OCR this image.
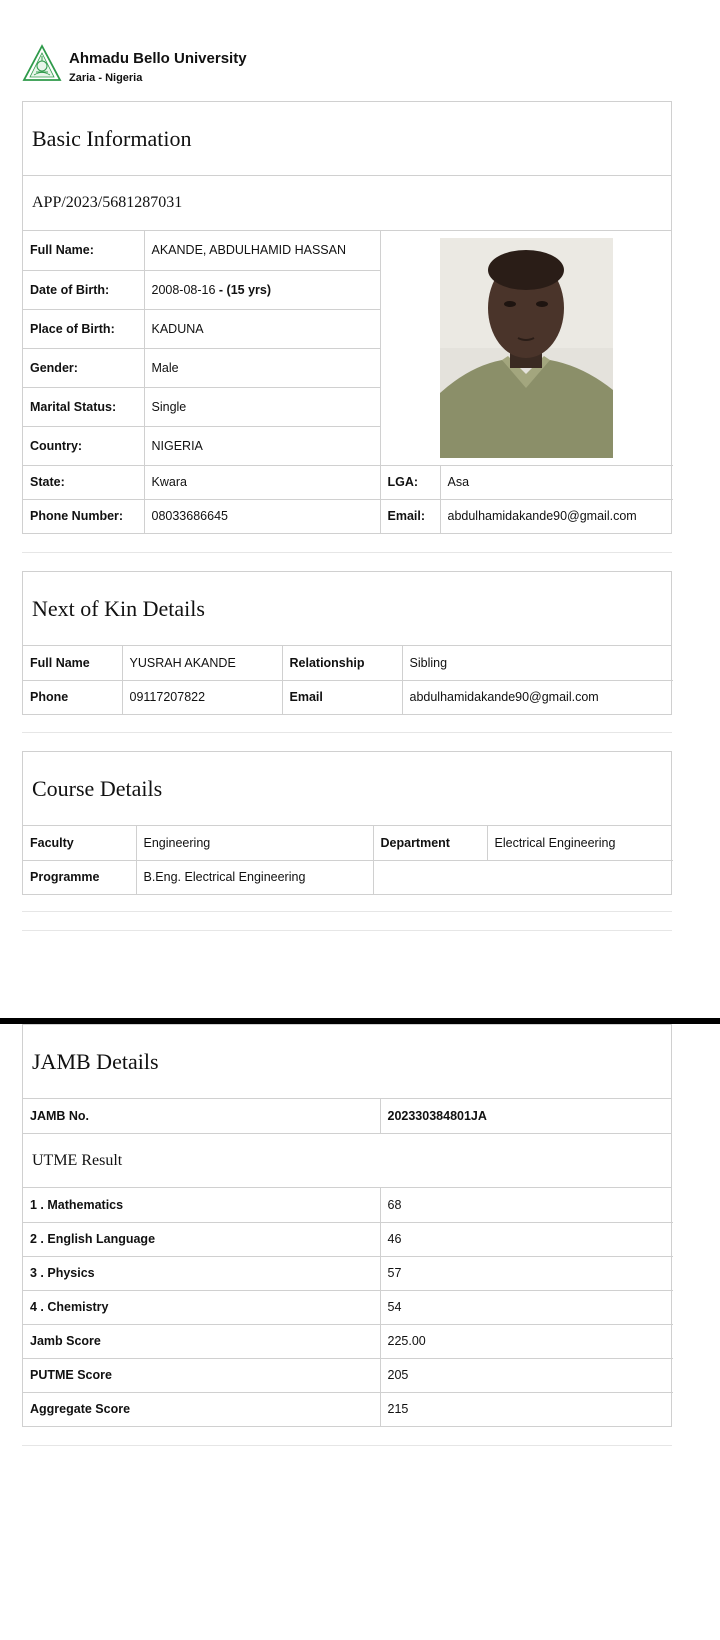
Ahmadu Bello University
Zaria - Nigeria
Basic Information
APP/2023/5681287031
Full Name:	AKANDE, ABDULHAMID HASSAN	

Date of Birth:	2008-08-16 - (15 yrs)		
Place of Birth:	KADUNA		
Gender:	Male		
Marital Status:	Single		
Country:	NIGERIA		
State:	Kwara	LGA:	Asa
Phone Number:	08033686645	Email:	abdulhamidakande90@gmail.com
Next of Kin Details
Full Name	YUSRAH AKANDE	Relationship	Sibling
Phone	09117207822	Email	abdulhamidakande90@gmail.com
Course Details
Faculty	Engineering	Department	Electrical Engineering
Programme	B.Eng. Electrical Engineering		
JAMB Details
JAMB No.	202330384801JA
UTME Result
1 . Mathematics	68
2 . English Language	46
3 . Physics	57
4 . Chemistry	54
Jamb Score	225.00
PUTME Score	205
Aggregate Score	215
